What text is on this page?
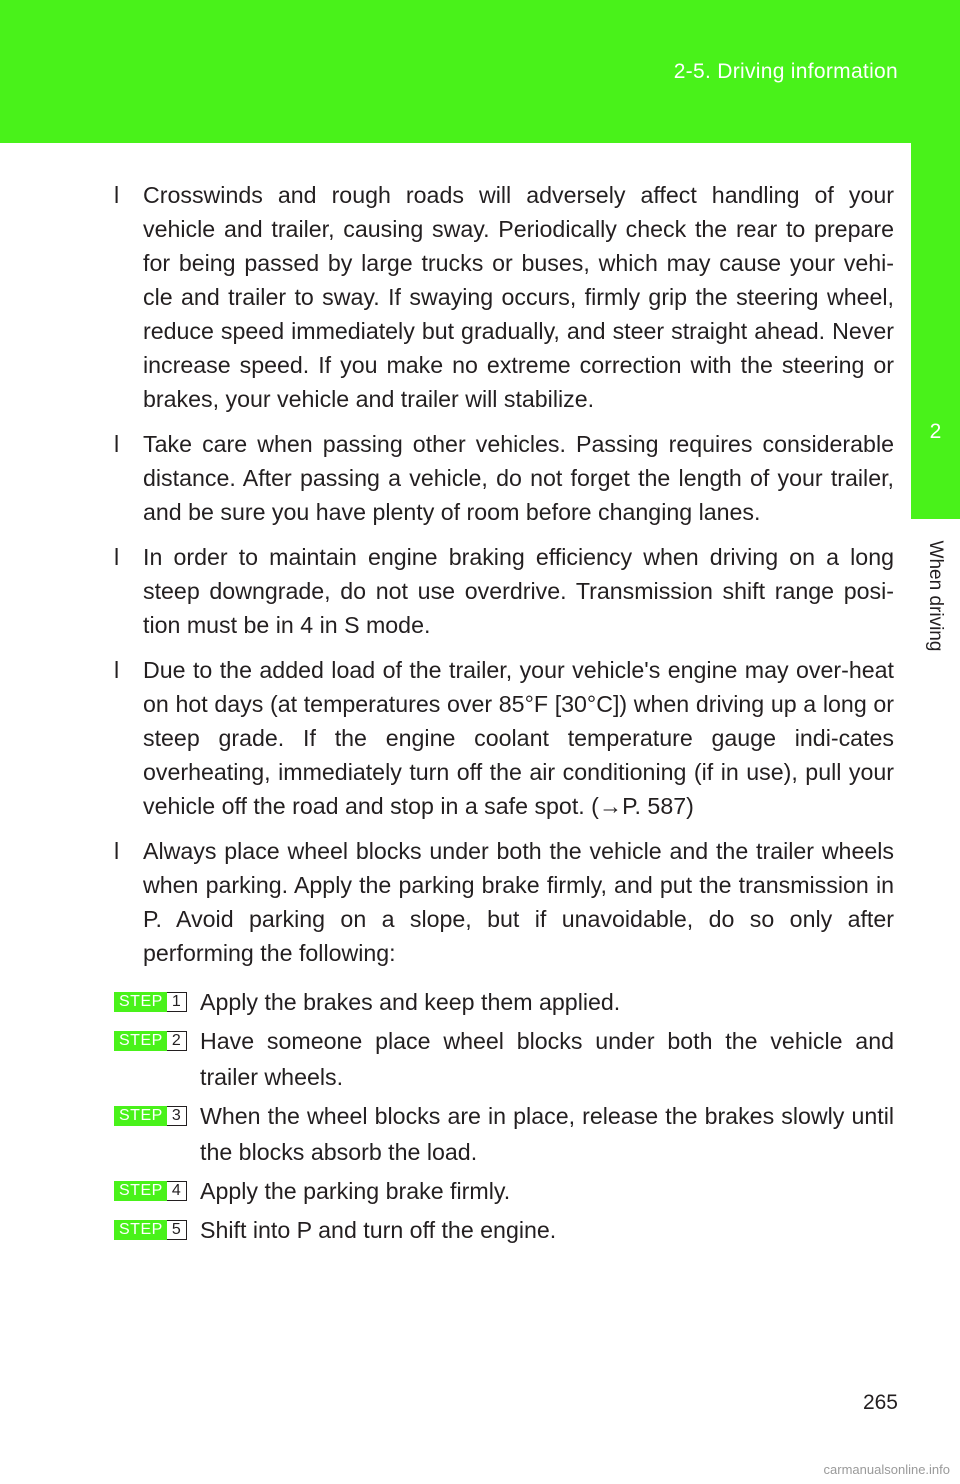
2-5. Driving information
2
When driving

l Crosswinds and rough roads will adversely affect handling of your vehicle and trailer, causing sway. Periodically check the rear to prepare for being passed by large trucks or buses, which may cause your vehi-cle and trailer to sway. If swaying occurs, firmly grip the steering wheel, reduce speed immediately but gradually, and steer straight ahead. Never increase speed. If you make no extreme correction with the steering or brakes, your vehicle and trailer will stabilize.

l Take care when passing other vehicles. Passing requires considerable distance. After passing a vehicle, do not forget the length of your trailer, and be sure you have plenty of room before changing lanes.

l In order to maintain engine braking efficiency when driving on a long steep downgrade, do not use overdrive. Transmission shift range posi-tion must be in 4 in S mode.

l Due to the added load of the trailer, your vehicle's engine may over-heat on hot days (at temperatures over 85°F [30°C]) when driving up a long or steep grade. If the engine coolant temperature gauge indi-cates overheating, immediately turn off the air conditioning (if in use), pull your vehicle off the road and stop in a safe spot. (→P. 587)

l Always place wheel blocks under both the vehicle and the trailer wheels when parking. Apply the parking brake firmly, and put the transmission in P. Avoid parking on a slope, but if unavoidable, do so only after performing the following:

STEP 1 Apply the brakes and keep them applied.

STEP 2 Have someone place wheel blocks under both the vehicle and trailer wheels.

STEP 3 When the wheel blocks are in place, release the brakes slowly until the blocks absorb the load.

STEP 4 Apply the parking brake firmly.

STEP 5 Shift into P and turn off the engine.

265
carmanualsonline.info
